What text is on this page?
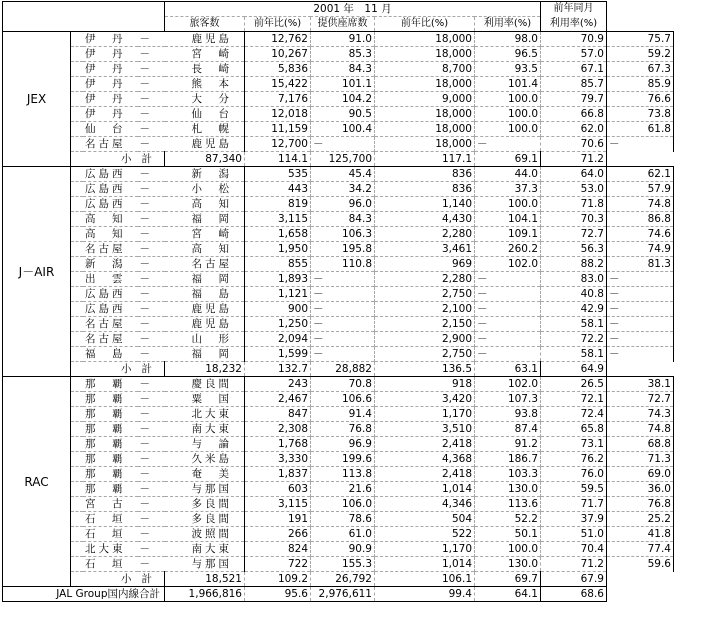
			2001 年　11 月					前年同月	
			旅客数	前年比(%)	提供座席数	前年比(%)	利用率(%)	利用率(%)	
JEX	伊　丹	－	鹿児島	12,762	91.0	18,000	98.0	70.9	75.7
	伊　丹	－	宮　崎	10,267	85.3	18,000	96.5	57.0	59.2
	伊　丹	－	長　崎	5,836	84.3	8,700	93.5	67.1	67.3
	伊　丹	－	熊　本	15,422	101.1	18,000	101.4	85.7	85.9
	伊　丹	－	大　分	7,176	104.2	9,000	100.0	79.7	76.6
	伊　丹	－	仙　台	12,018	90.5	18,000	100.0	66.8	73.8
	仙　台	－	札　幌	11,159	100.4	18,000	100.0	62.0	61.8
	名古屋	－	鹿児島	12,700	－	18,000	－	70.6	－
	小	計	87,340	114.1	125,700	117.1	69.1	71.2	
J－AIR	広島西	－	新　潟	535	45.4	836	44.0	64.0	62.1
	広島西	－	小　松	443	34.2	836	37.3	53.0	57.9
	広島西	－	高　知	819	96.0	1,140	100.0	71.8	74.8
	高　知	－	福　岡	3,115	84.3	4,430	104.1	70.3	86.8
	高　知	－	宮　崎	1,658	106.3	2,280	109.1	72.7	74.6
	名古屋	－	高　知	1,950	195.8	3,461	260.2	56.3	74.9
	新　潟	－	名古屋	855	110.8	969	102.0	88.2	81.3
	出　雲	－	福　岡	1,893	－	2,280	－	83.0	－
	広島西	－	福　島	1,121	－	2,750	－	40.8	－
	広島西	－	鹿児島	900	－	2,100	－	42.9	－
	名古屋	－	鹿児島	1,250	－	2,150	－	58.1	－
	名古屋	－	山　形	2,094	－	2,900	－	72.2	－
	福　島	－	福　岡	1,599	－	2,750	－	58.1	－
	小	計	18,232	132.7	28,882	136.5	63.1	64.9	
RAC	那　覇	－	慶良間	243	70.8	918	102.0	26.5	38.1
	那　覇	－	粟　国	2,467	106.6	3,420	107.3	72.1	72.7
	那　覇	－	北大東	847	91.4	1,170	93.8	72.4	74.3
	那　覇	－	南大東	2,308	76.8	3,510	87.4	65.8	74.8
	那　覇	－	与　論	1,768	96.9	2,418	91.2	73.1	68.8
	那　覇	－	久米島	3,330	199.6	4,368	186.7	76.2	71.3
	那　覇	－	奄　美	1,837	113.8	2,418	103.3	76.0	69.0
	那　覇	－	与那国	603	21.6	1,014	130.0	59.5	36.0
	宮　古	－	多良間	3,115	106.0	4,346	113.6	71.7	76.8
	石　垣	－	多良間	191	78.6	504	52.2	37.9	25.2
	石　垣	－	波照間	266	61.0	522	50.1	51.0	41.8
	北大東	－	南大東	824	90.9	1,170	100.0	70.4	77.4
	石　垣	－	与那国	722	155.3	1,014	130.0	71.2	59.6
	小	計	18,521	109.2	26,792	106.1	69.7	67.9	
JAL Group国内線合計			1,966,816	95.6	2,976,611	99.4	64.1	68.6	
